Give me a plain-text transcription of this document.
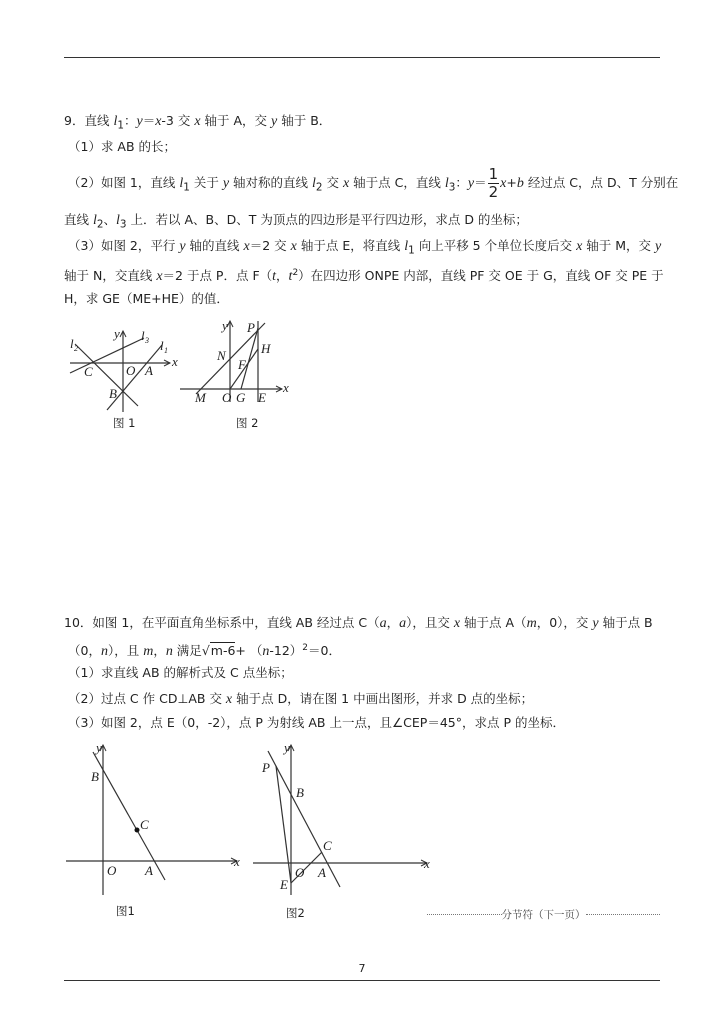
9．直线 $l_1$：y＝x-3 交 x 轴于 A，交 y 轴于 B．
（1）求 AB 的长；
（2）如图 1，直线 $l_1$ 关于 y 轴对称的直线 $l_2$ 交 x 轴于点 C，直线 $l_3$：$y= \frac{1}{2} x+b$ 经过点 C，点 D、T 分别在
直线 $l_2$、$l_3$ 上．若以 A、B、D、T 为顶点的四边形是平行四边形，求点 D 的坐标；
（3）如图 2，平行 y 轴的直线 x＝2 交 x 轴于点 E，将直线 $l_1$ 向上平移 5 个单位长度后交 x 轴于 M，交 y
轴于 N，交直线 x＝2 于点 P．点 F（t，$t^2$）在四边形 ONPE 内部，直线 PF 交 OE 于 G，直线 OF 交 PE 于
H，求 GE（ME+HE）的值．
l 2
l 3 l 1
y
x
C	O A
B
图 1
y
x
P
N	H
F
M O G E
图 2
10．如图 1，在平面直角坐标系中，直线 AB 经过点 C（a，a），且交 x 轴于点 A（m，0），交 y 轴于点 B
（0，n），且 m，n 满足$√m-6+ (n-12)^2=0$．
（1）求直线 AB 的解析式及 C 点坐标；
（2）过点 C 作 CD⊥AB 交 x 轴于点 D，请在图 1 中画出图形，并求 D 点的坐标；
（3）如图 2，点 E（0，-2），点 P 为射线 AB 上一点，且∠CEP＝45°，求点 P 的坐标．
y
x
B
C
O A
图1
y
x
P
B
C
O A
E
图2	分节符（下一页）
7
